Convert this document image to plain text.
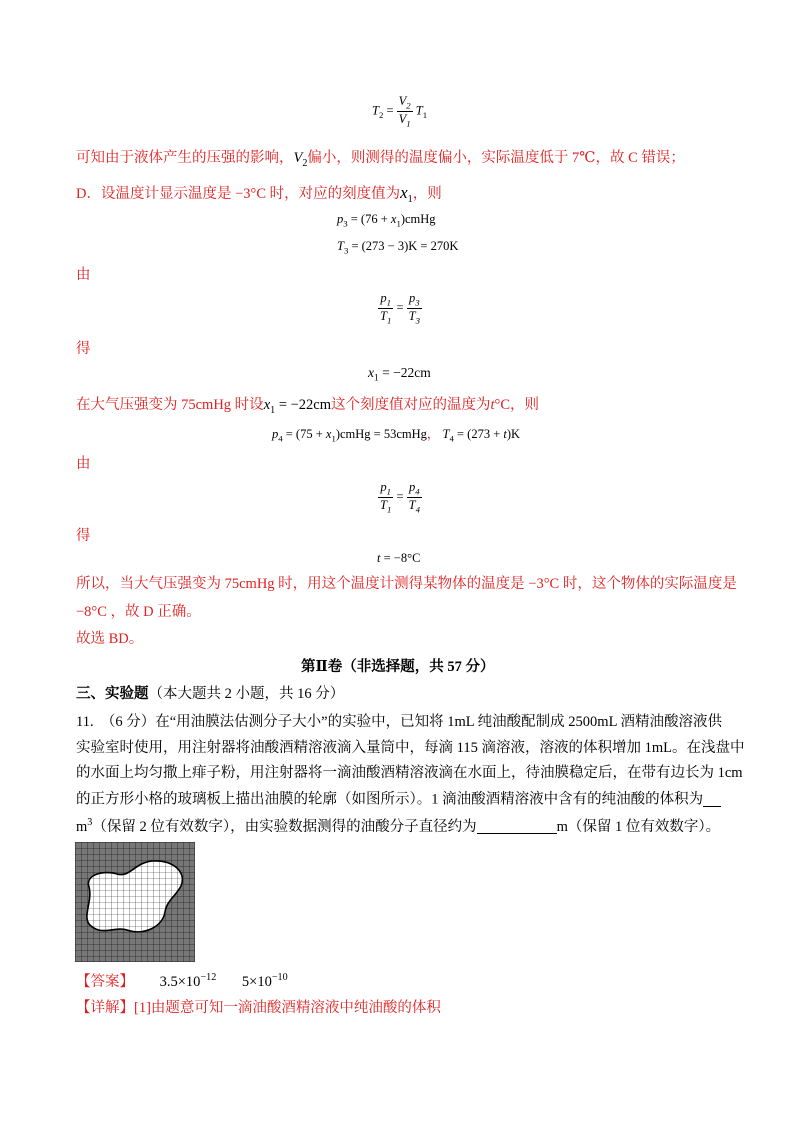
$T_2 = \frac{V_2}{V_1} T_1$
可知由于液体产生的压强的影响，$V_2$偏小，则测得的温度偏小，实际温度低于 7℃，故 C 错误；
D．设温度计显示温度是 −3°C 时，对应的刻度值为$x_1$，则
$p_3 = (76$ + $x_1)cmHg$
$T_3 = (273 - 3)K = 270K$
由
$\frac{p_1}{T_1} = \frac{p_3}{T_3}$
得
$x_1 = -22cm$
在大气压强变为 75cmHg 时设$x_1 = -22cm$这个刻度值对应的温度为t°C，则
$p_4 = (75$ + $x_1)cmHg$ = 53cmHg， $T_4 = (273 + t)K$
由
$\frac{p_1}{T_1} = \frac{p_4}{T_4}$
得
t = −8°C
所以，当大气压强变为 75cmHg 时，用这个温度计测得某物体的温度是 −3°C 时，这个物体的实际温度是
−8°C ，故 D 正确。
故选 BD。
第Ⅱ卷（非选择题，共 57 分）
三、实验题（本大题共 2 小题，共 16 分）
11.　（6 分）在“用油膜法估测分子大小”的实验中，已知将 1mL 纯油酸配制成 2500mL 酒精油酸溶液供
实验室时使用，用注射器将油酸酒精溶液滴入量筒中，每滴 115 滴溶液，溶液的体积增加 1mL。在浅盘中
的水面上均匀撒上痱子粉，用注射器将一滴油酸酒精溶液滴在水面上，待油膜稳定后，在带有边长为 1cm
的正方形小格的玻璃板上描出油膜的轮廓（如图所示）。1 滴油酸酒精溶液中含有的纯油酸的体积为
$m^3$（保留 2 位有效数字），由实验数据测得的油酸分子直径约为	m（保留 1 位有效数字）。
【答案】 $3.5\times 10^{-12}$ $5\times 10^{-10}$
【详解】[1]由题意可知一滴油酸酒精溶液中纯油酸的体积
